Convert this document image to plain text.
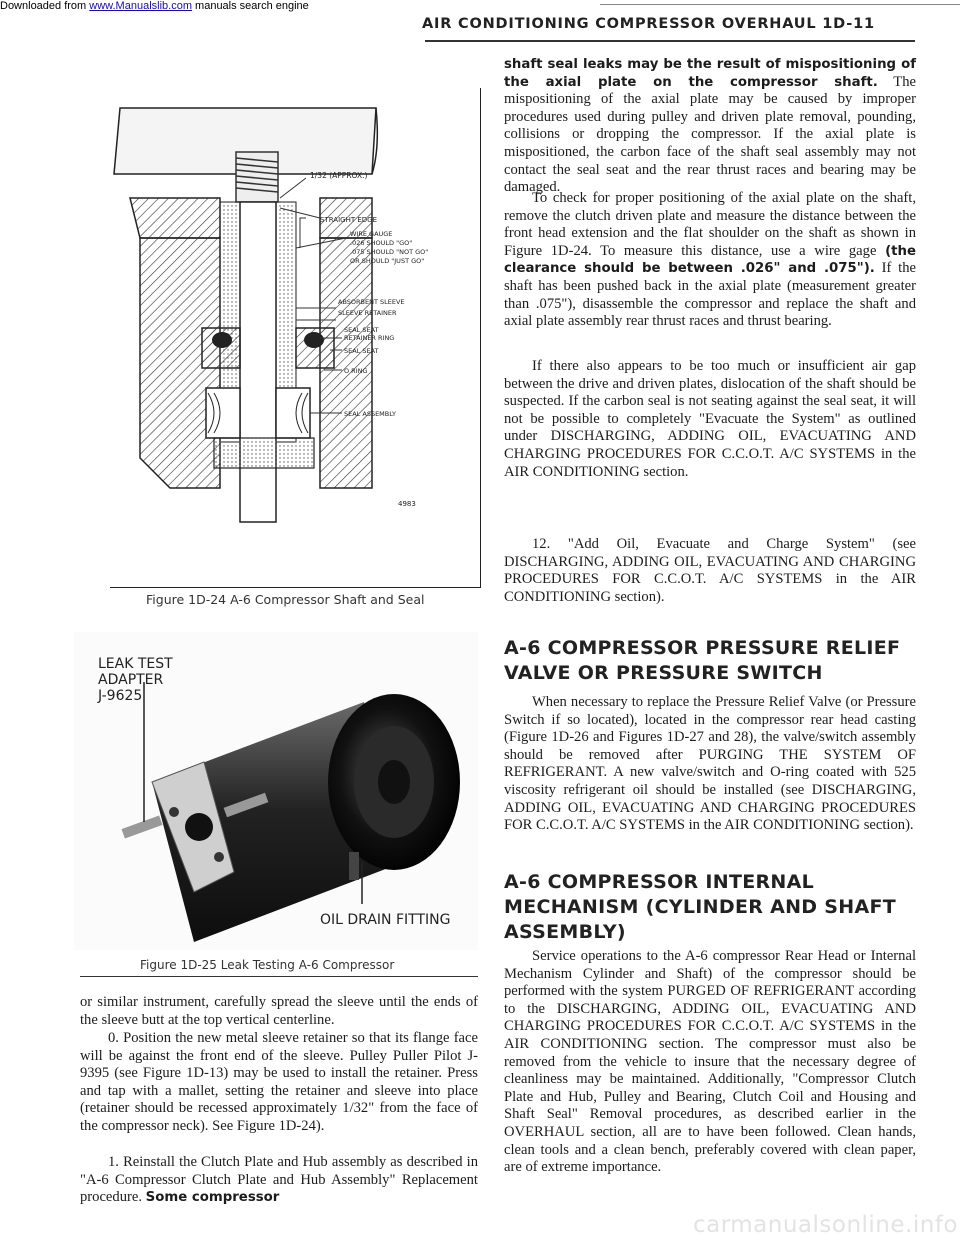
Downloaded from www.Manualslib.com manuals search engine
AIR CONDITIONING COMPRESSOR OVERHAUL 1D-11
1/32 (APPROX.)
STRAIGHT EDGE
WIRE GAUGE
.026 SHOULD "GO"
.075 SHOULD "NOT GO"
OR SHOULD "JUST GO"
ABSORBENT SLEEVE
SLEEVE RETAINER
SEAL SEAT
RETAINER RING
SEAL SEAT
O RING
SEAL ASSEMBLY
4983
Figure 1D-24 A-6 Compressor Shaft and Seal
LEAK TEST
ADAPTER
J-9625
OIL DRAIN FITTING
Figure 1D-25 Leak Testing A-6 Compressor

or similar instrument, carefully spread the sleeve until the ends of the sleeve butt at the top vertical centerline.

0. Position the new metal sleeve retainer so that its flange face will be against the front end of the sleeve. Pulley Puller Pilot J-9395 (see Figure 1D-13) may be used to install the retainer. Press and tap with a mallet, setting the retainer and sleeve into place (retainer should be recessed approximately 1/32" from the face of the compressor neck). See Figure 1D-24).

1. Reinstall the Clutch Plate and Hub assembly as described in "A-6 Compressor Clutch Plate and Hub Assembly" Replacement procedure. Some compressor

shaft seal leaks may be the result of mispositioning of the axial plate on the compressor shaft. The mispositioning of the axial plate may be caused by improper procedures used during pulley and driven plate removal, pounding, collisions or dropping the compressor. If the axial plate is mispositioned, the carbon face of the shaft seal assembly may not contact the seal seat and the rear thrust races and bearing may be damaged.

To check for proper positioning of the axial plate on the shaft, remove the clutch driven plate and measure the distance between the front head extension and the flat shoulder on the shaft as shown in Figure 1D-24. To measure this distance, use a wire gage (the clearance should be between .026" and .075"). If the shaft has been pushed back in the axial plate (measurement greater than .075"), disassemble the compressor and replace the shaft and axial plate assembly rear thrust races and thrust bearing.

If there also appears to be too much or insufficient air gap between the drive and driven plates, dislocation of the shaft should be suspected. If the carbon seal is not seating against the seal seat, it will not be possible to completely "Evacuate the System" as outlined under DISCHARGING, ADDING OIL, EVACUATING AND CHARGING PROCEDURES FOR C.C.O.T. A/C SYSTEMS in the AIR CONDITIONING section.

12. "Add Oil, Evacuate and Charge System" (see DISCHARGING, ADDING OIL, EVACUATING AND CHARGING PROCEDURES FOR C.C.O.T. A/C SYSTEMS in the AIR CONDITIONING section).

A-6 COMPRESSOR PRESSURE RELIEF VALVE OR PRESSURE SWITCH

When necessary to replace the Pressure Relief Valve (or Pressure Switch if so located), located in the compressor rear head casting (Figure 1D-26 and Figures 1D-27 and 28), the valve/switch assembly should be removed after PURGING THE SYSTEM OF REFRIGERANT. A new valve/switch and O-ring coated with 525 viscosity refrigerant oil should be installed (see DISCHARGING, ADDING OIL, EVACUATING AND CHARGING PROCEDURES FOR C.C.O.T. A/C SYSTEMS in the AIR CONDITIONING section).

A-6 COMPRESSOR INTERNAL MECHANISM (CYLINDER AND SHAFT ASSEMBLY)

Service operations to the A-6 compressor Rear Head or Internal Mechanism Cylinder and Shaft) of the compressor should be performed with the system PURGED OF REFRIGERANT according to the DISCHARGING, ADDING OIL, EVACUATING AND CHARGING PROCEDURES FOR C.C.O.T. A/C SYSTEMS in the AIR CONDITIONING section. The compressor must also be removed from the vehicle to insure that the necessary degree of cleanliness may be maintained. Additionally, "Compressor Clutch Plate and Hub, Pulley and Bearing, Clutch Coil and Housing and Shaft Seal" Removal procedures, as described earlier in the OVERHAUL section, all are to have been followed. Clean hands, clean tools and a clean bench, preferably covered with clean paper, are of extreme importance.

carmanualsonline.info
